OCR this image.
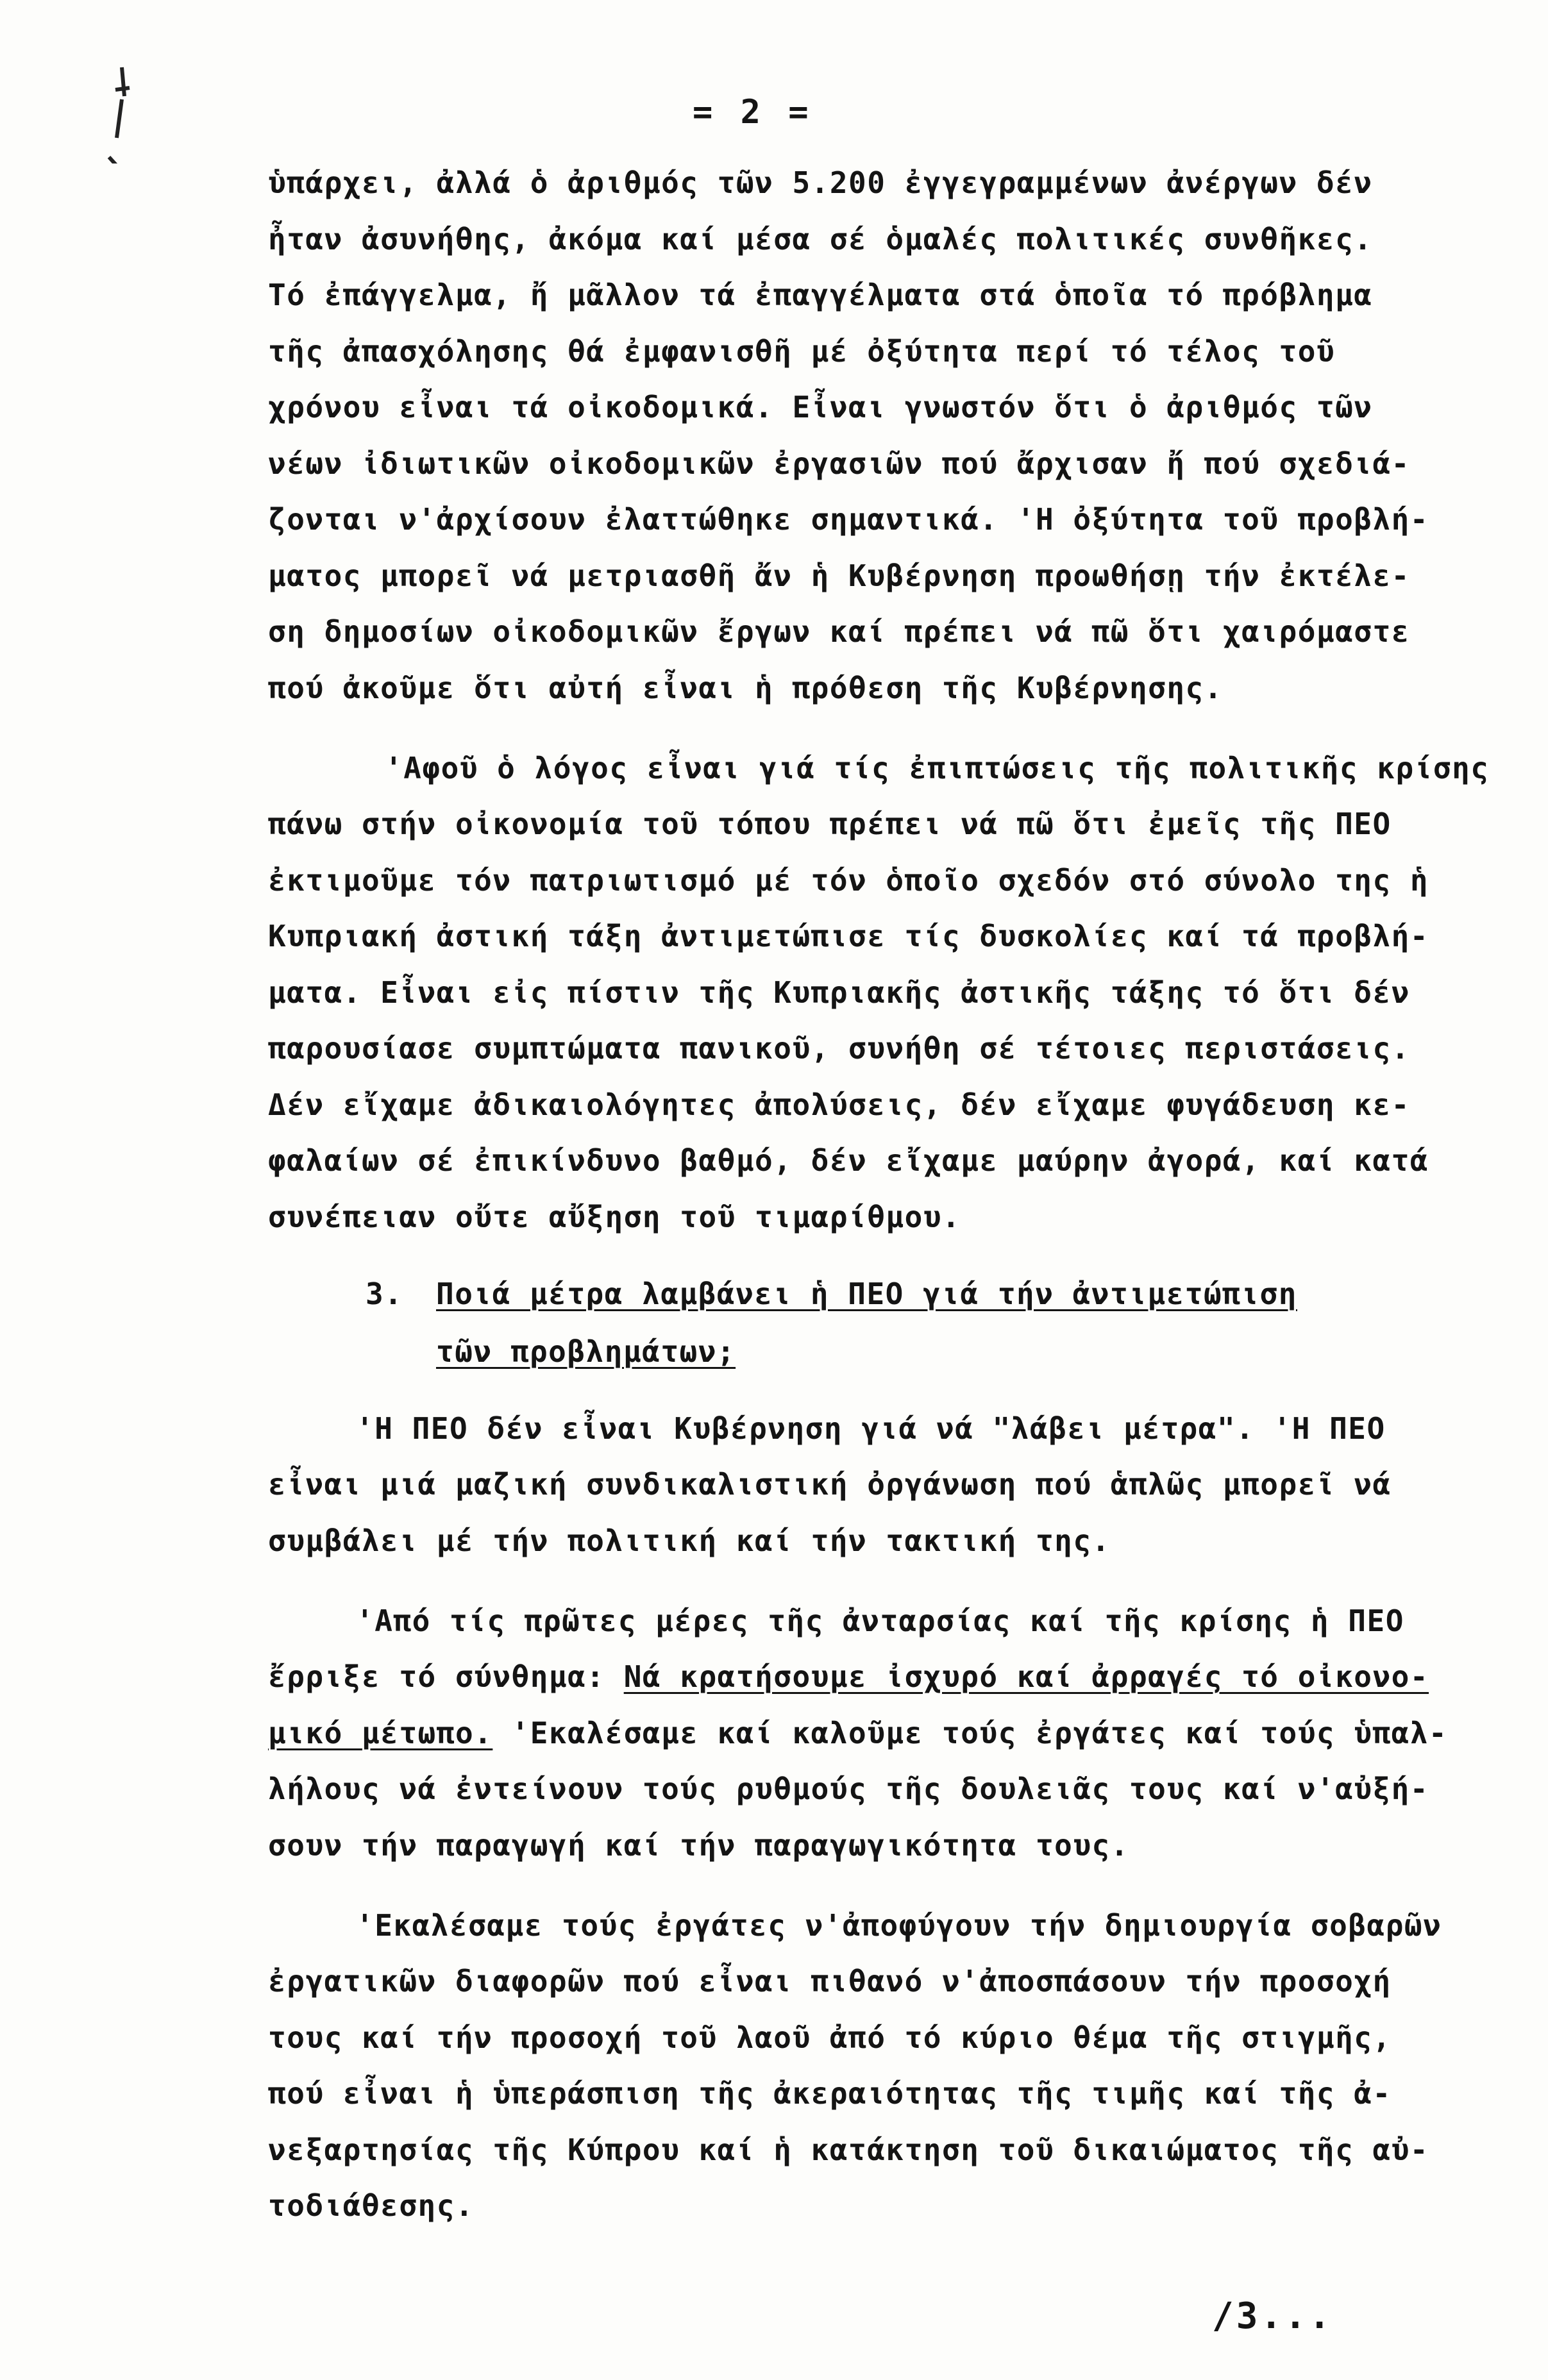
= 2 =
ὑπάρχει, ἀλλά ὁ ἀριθμός τῶν 5.200 ἐγγεγραμμένων ἀνέργων δέν
ἦταν ἀσυνήθης, ἀκόμα καί μέσα σέ ὁμαλές πολιτικές συνθῆκες.
Τό ἐπάγγελμα, ἤ μᾶλλον τά ἐπαγγέλματα στά ὁποῖα τό πρόβλημα
τῆς ἀπασχόλησης θά ἐμφανισθῆ μέ ὀξύτητα περί τό τέλος τοῦ
χρόνου εἶναι τά οἰκοδομικά. Εἶναι γνωστόν ὅτι ὁ ἀριθμός τῶν
νέων ἰδιωτικῶν οἰκοδομικῶν ἐργασιῶν πού ἄρχισαν ἤ πού σχεδιά-
ζονται ν'ἀρχίσουν ἐλαττώθηκε σημαντικά. 'Η ὀξύτητα τοῦ προβλή-
ματος μπορεῖ νά μετριασθῆ ἄν ἡ Κυβέρνηση προωθήσῃ τήν ἐκτέλε-
ση δημοσίων οἰκοδομικῶν ἔργων καί πρέπει νά πῶ ὅτι χαιρόμαστε
πού ἀκοῦμε ὅτι αὐτή εἶναι ἡ πρόθεση τῆς Κυβέρνησης.
'Αφοῦ ὁ λόγος εἶναι γιά τίς ἐπιπτώσεις τῆς πολιτικῆς κρίσης
πάνω στήν οἰκονομία τοῦ τόπου πρέπει νά πῶ ὅτι ἐμεῖς τῆς ΠΕΟ
ἐκτιμοῦμε τόν πατριωτισμό μέ τόν ὁποῖο σχεδόν στό σύνολο της ἡ
Κυπριακή ἀστική τάξη ἀντιμετώπισε τίς δυσκολίες καί τά προβλή-
ματα. Εἶναι εἰς πίστιν τῆς Κυπριακῆς ἀστικῆς τάξης τό ὅτι δέν
παρουσίασε συμπτώματα πανικοῦ, συνήθη σέ τέτοιες περιστάσεις.
Δέν εἴχαμε ἀδικαιολόγητες ἀπολύσεις, δέν εἴχαμε φυγάδευση κε-
φαλαίων σέ ἐπικίνδυνο βαθμό, δέν εἴχαμε μαύρην ἀγορά, καί κατά
συνέπειαν οὔτε αὔξηση τοῦ τιμαρίθμου.
3. Ποιά μέτρα λαμβάνει ἡ ΠΕΟ γιά τήν ἀντιμετώπιση
τῶν προβλημάτων;
'Η ΠΕΟ δέν εἶναι Κυβέρνηση γιά νά "λάβει μέτρα". 'Η ΠΕΟ
εἶναι μιά μαζική συνδικαλιστική ὀργάνωση πού ἁπλῶς μπορεῖ νά
συμβάλει μέ τήν πολιτική καί τήν τακτική της.
'Από τίς πρῶτες μέρες τῆς ἀνταρσίας καί τῆς κρίσης ἡ ΠΕΟ
ἔρριξε τό σύνθημα: Νά κρατήσουμε ἰσχυρό καί ἀρραγές τό οἰκονο-
μικό μέτωπο. 'Εκαλέσαμε καί καλοῦμε τούς ἐργάτες καί τούς ὑπαλ-
λήλους νά ἐντείνουν τούς ρυθμούς τῆς δουλειᾶς τους καί ν'αὐξή-
σουν τήν παραγωγή καί τήν παραγωγικότητα τους.
'Εκαλέσαμε τούς ἐργάτες ν'ἀποφύγουν τήν δημιουργία σοβαρῶν
ἐργατικῶν διαφορῶν πού εἶναι πιθανό ν'ἀποσπάσουν τήν προσοχή
τους καί τήν προσοχή τοῦ λαοῦ ἀπό τό κύριο θέμα τῆς στιγμῆς,
πού εἶναι ἡ ὑπεράσπιση τῆς ἀκεραιότητας τῆς τιμῆς καί τῆς ἀ-
νεξαρτησίας τῆς Κύπρου καί ἡ κατάκτηση τοῦ δικαιώματος τῆς αὐ-
τοδιάθεσης.
/3...
